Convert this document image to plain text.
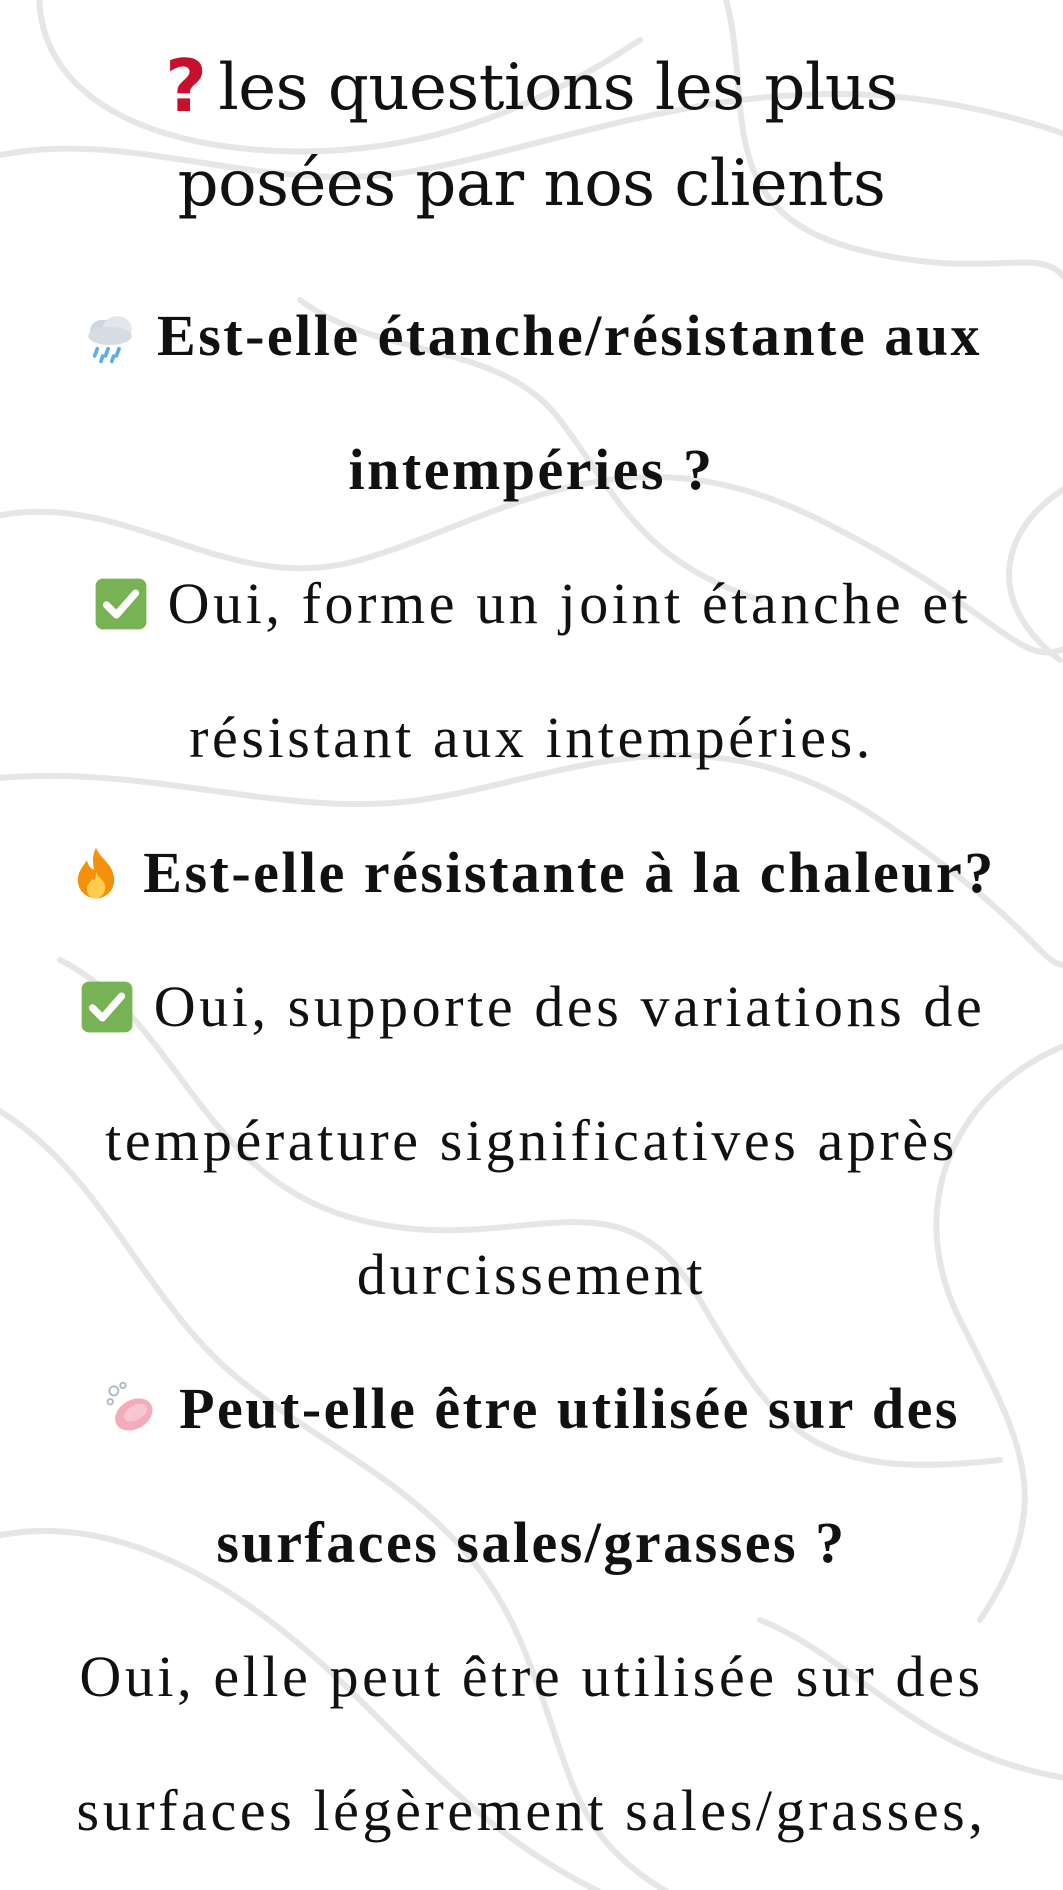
? les questions les plus
posées par nos clients
Est-elle étanche/résistante aux
intempéries ?
Oui, forme un joint étanche et
résistant aux intempéries.
Est-elle résistante à la chaleur?
Oui, supporte des variations de
température significatives après
durcissement
Peut-elle être utilisée sur des
surfaces sales/grasses ?
Oui, elle peut être utilisée sur des
surfaces légèrement sales/grasses,
